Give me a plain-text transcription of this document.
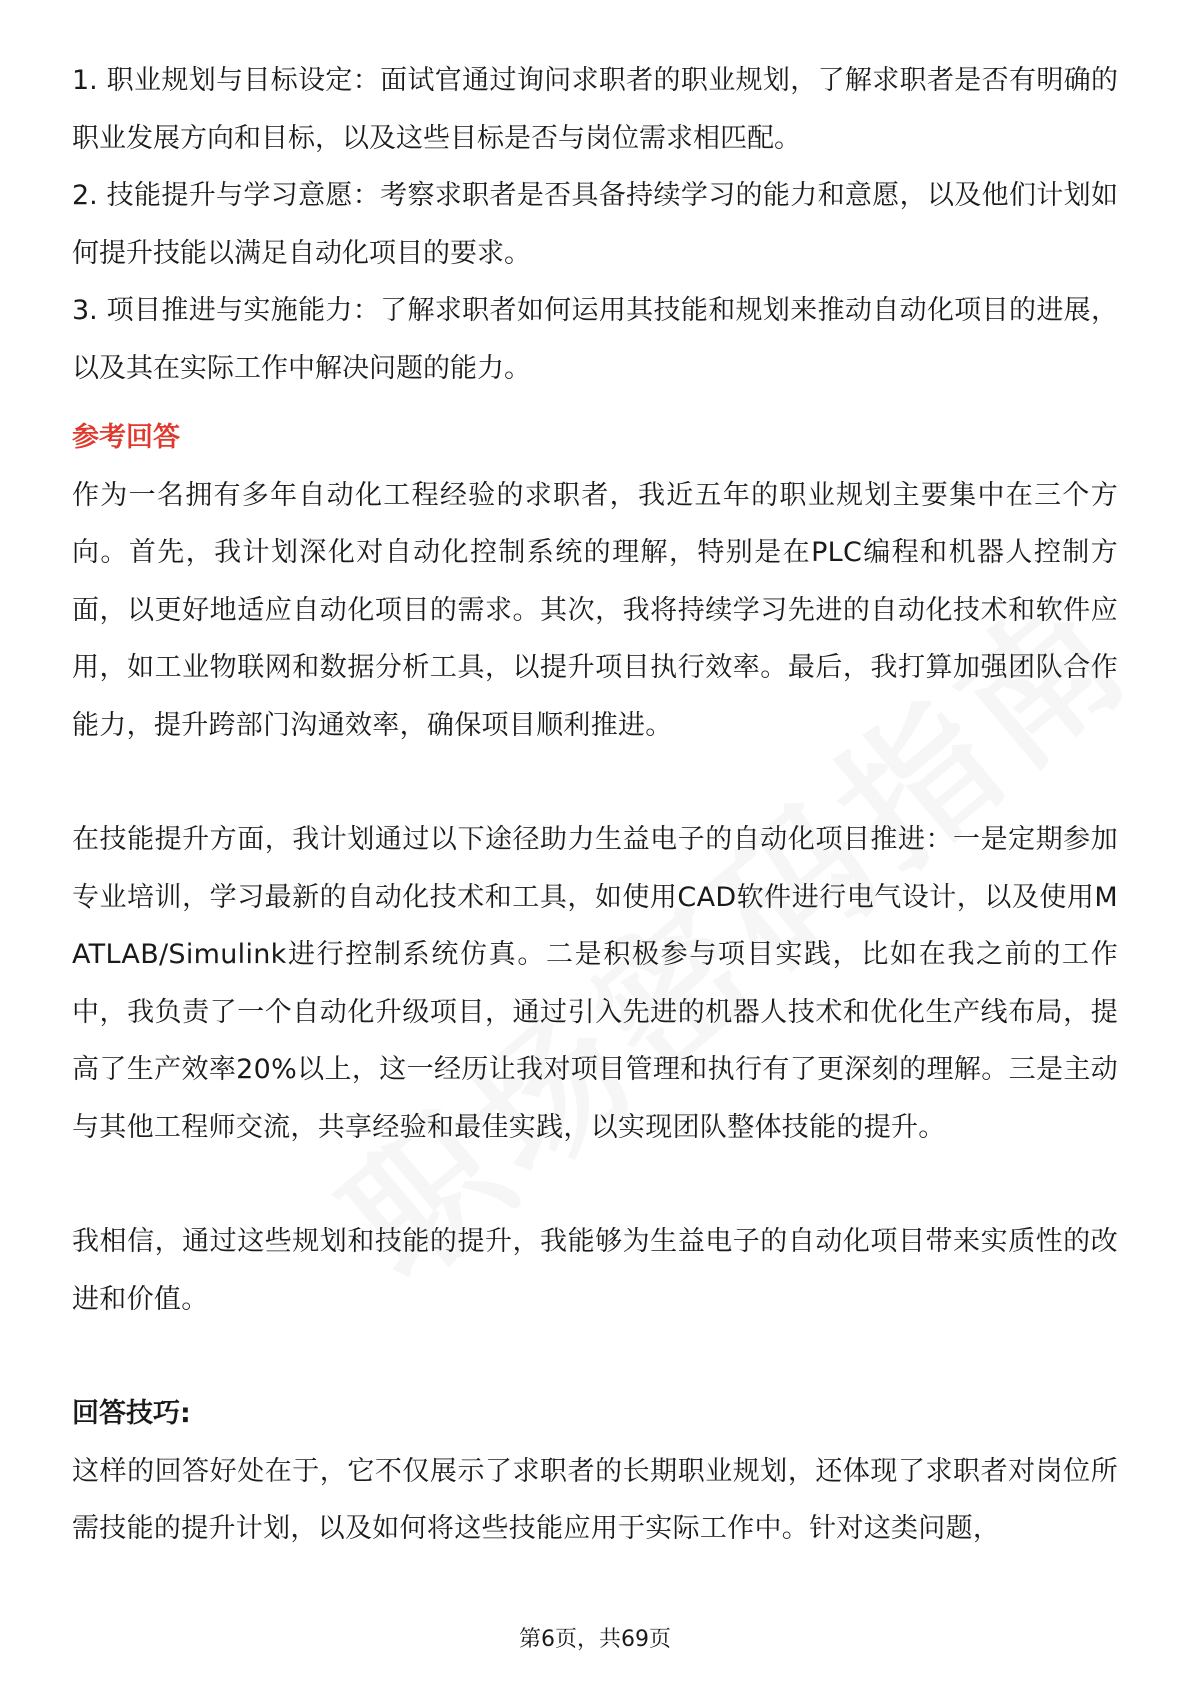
1. 职业规划与目标设定：面试官通过询问求职者的职业规划，了解求职者是否有明确的职业发展方向和目标，以及这些目标是否与岗位需求相匹配。

2. 技能提升与学习意愿：考察求职者是否具备持续学习的能力和意愿，以及他们计划如何提升技能以满足自动化项目的要求。

3. 项目推进与实施能力：了解求职者如何运用其技能和规划来推动自动化项目的进展，以及其在实际工作中解决问题的能力。

参考回答

作为一名拥有多年自动化工程经验的求职者，我近五年的职业规划主要集中在三个方向。首先，我计划深化对自动化控制系统的理解，特别是在PLC编程和机器人控制方面，以更好地适应自动化项目的需求。其次，我将持续学习先进的自动化技术和软件应用，如工业物联网和数据分析工具，以提升项目执行效率。最后，我打算加强团队合作能力，提升跨部门沟通效率，确保项目顺利推进。

在技能提升方面，我计划通过以下途径助力生益电子的自动化项目推进：一是定期参加专业培训，学习最新的自动化技术和工具，如使用CAD软件进行电气设计，以及使用MATLAB/Simulink进行控制系统仿真。二是积极参与项目实践，比如在我之前的工作中，我负责了一个自动化升级项目，通过引入先进的机器人技术和优化生产线布局，提高了生产效率20%以上，这一经历让我对项目管理和执行有了更深刻的理解。三是主动与其他工程师交流，共享经验和最佳实践，以实现团队整体技能的提升。

我相信，通过这些规划和技能的提升，我能够为生益电子的自动化项目带来实质性的改进和价值。

回答技巧:

这样的回答好处在于，它不仅展示了求职者的长期职业规划，还体现了求职者对岗位所需技能的提升计划，以及如何将这些技能应用于实际工作中。针对这类问题，

第6页，共69页
